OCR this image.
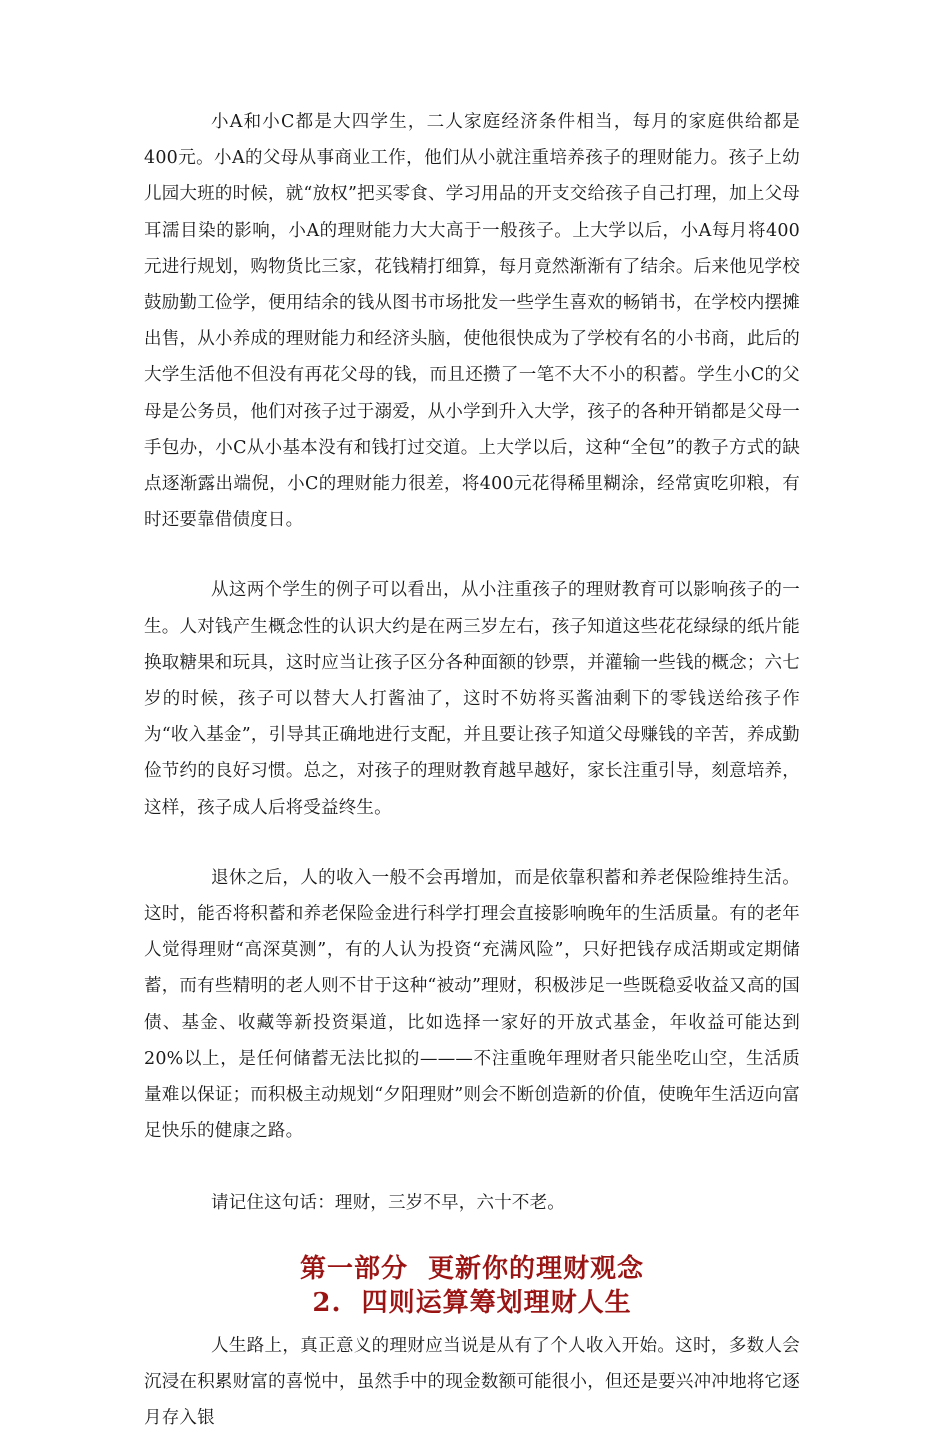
小A和小C都是大四学生，二人家庭经济条件相当，每月的家庭供给都是400元。小A的父母从事商业工作，他们从小就注重培养孩子的理财能力。孩子上幼儿园大班的时候，就“放权”把买零食、学习用品的开支交给孩子自己打理，加上父母耳濡目染的影响，小A的理财能力大大高于一般孩子。上大学以后，小A每月将400元进行规划，购物货比三家，花钱精打细算，每月竟然渐渐有了结余。后来他见学校鼓励勤工俭学，便用结余的钱从图书市场批发一些学生喜欢的畅销书，在学校内摆摊出售，从小养成的理财能力和经济头脑，使他很快成为了学校有名的小书商，此后的大学生活他不但没有再花父母的钱，而且还攒了一笔不大不小的积蓄。学生小C的父母是公务员，他们对孩子过于溺爱，从小学到升入大学，孩子的各种开销都是父母一手包办，小C从小基本没有和钱打过交道。上大学以后，这种“全包”的教子方式的缺点逐渐露出端倪，小C的理财能力很差，将400元花得稀里糊涂，经常寅吃卯粮，有时还要靠借债度日。

从这两个学生的例子可以看出，从小注重孩子的理财教育可以影响孩子的一生。人对钱产生概念性的认识大约是在两三岁左右，孩子知道这些花花绿绿的纸片能换取糖果和玩具，这时应当让孩子区分各种面额的钞票，并灌输一些钱的概念；六七岁的时候，孩子可以替大人打酱油了，这时不妨将买酱油剩下的零钱送给孩子作为“收入基金”，引导其正确地进行支配，并且要让孩子知道父母赚钱的辛苦，养成勤俭节约的良好习惯。总之，对孩子的理财教育越早越好，家长注重引导，刻意培养，这样，孩子成人后将受益终生。

退休之后，人的收入一般不会再增加，而是依靠积蓄和养老保险维持生活。这时，能否将积蓄和养老保险金进行科学打理会直接影响晚年的生活质量。有的老年人觉得理财“高深莫测”，有的人认为投资“充满风险”，只好把钱存成活期或定期储蓄，而有些精明的老人则不甘于这种“被动”理财，积极涉足一些既稳妥收益又高的国债、基金、收藏等新投资渠道，比如选择一家好的开放式基金，年收益可能达到20%以上，是任何储蓄无法比拟的———不注重晚年理财者只能坐吃山空，生活质量难以保证；而积极主动规划“夕阳理财”则会不断创造新的价值，使晚年生活迈向富足快乐的健康之路。

请记住这句话：理财，三岁不早，六十不老。

第一部分  更新你的理财观念
2.  四则运算筹划理财人生

人生路上，真正意义的理财应当说是从有了个人收入开始。这时，多数人会沉浸在积累财富的喜悦中，虽然手中的现金数额可能很小，但还是要兴冲冲地将它逐月存入银
